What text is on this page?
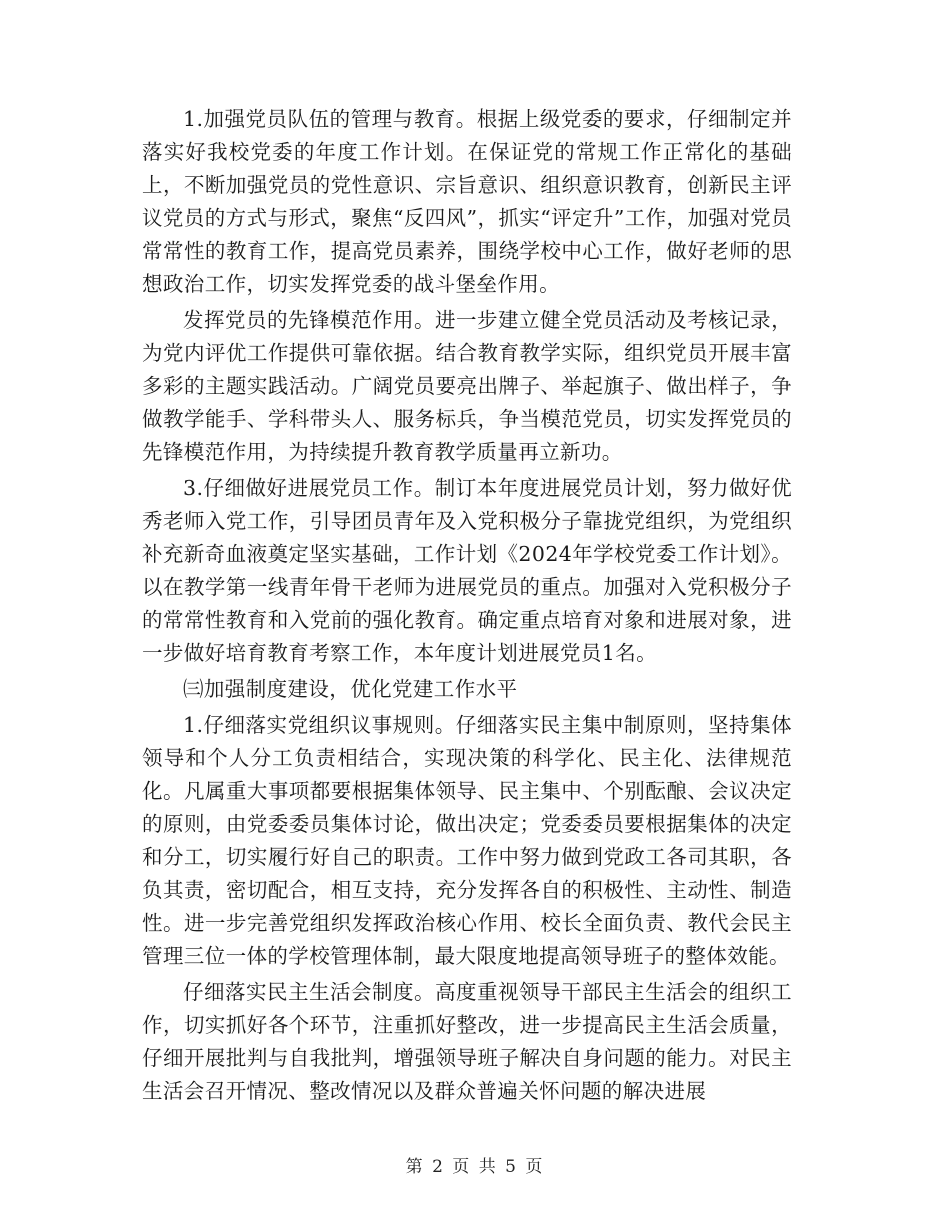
1.加强党员队伍的管理与教育。根据上级党委的要求，仔细制定并落实好我校党委的年度工作计划。在保证党的常规工作正常化的基础上，不断加强党员的党性意识、宗旨意识、组织意识教育，创新民主评议党员的方式与形式，聚焦“反四风”，抓实“评定升”工作，加强对党员常常性的教育工作，提高党员素养，围绕学校中心工作，做好老师的思想政治工作，切实发挥党委的战斗堡垒作用。

发挥党员的先锋模范作用。进一步建立健全党员活动及考核记录，为党内评优工作提供可靠依据。结合教育教学实际，组织党员开展丰富多彩的主题实践活动。广阔党员要亮出牌子、举起旗子、做出样子，争做教学能手、学科带头人、服务标兵，争当模范党员，切实发挥党员的先锋模范作用，为持续提升教育教学质量再立新功。

3.仔细做好进展党员工作。制订本年度进展党员计划，努力做好优秀老师入党工作，引导团员青年及入党积极分子靠拢党组织，为党组织补充新奇血液奠定坚实基础，工作计划《2024年学校党委工作计划》。以在教学第一线青年骨干老师为进展党员的重点。加强对入党积极分子的常常性教育和入党前的强化教育。确定重点培育对象和进展对象，进一步做好培育教育考察工作，本年度计划进展党员1名。

㈢加强制度建设，优化党建工作水平

1.仔细落实党组织议事规则。仔细落实民主集中制原则，坚持集体领导和个人分工负责相结合，实现决策的科学化、民主化、法律规范化。凡属重大事项都要根据集体领导、民主集中、个别酝酿、会议决定的原则，由党委委员集体讨论，做出决定；党委委员要根据集体的决定和分工，切实履行好自己的职责。工作中努力做到党政工各司其职，各负其责，密切配合，相互支持，充分发挥各自的积极性、主动性、制造性。进一步完善党组织发挥政治核心作用、校长全面负责、教代会民主管理三位一体的学校管理体制，最大限度地提高领导班子的整体效能。

仔细落实民主生活会制度。高度重视领导干部民主生活会的组织工作，切实抓好各个环节，注重抓好整改，进一步提高民主生活会质量，仔细开展批判与自我批判，增强领导班子解决自身问题的能力。对民主生活会召开情况、整改情况以及群众普遍关怀问题的解决进展

第 2 页 共 5 页
